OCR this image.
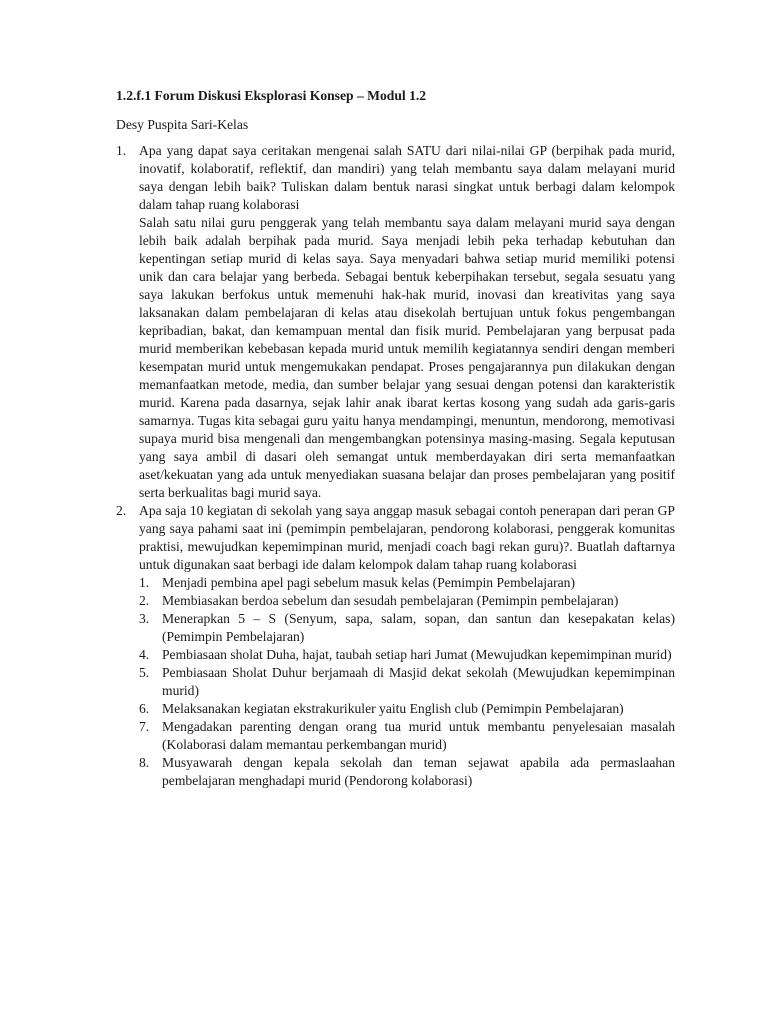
1.2.f.1 Forum Diskusi Eksplorasi Konsep – Modul 1.2

Desy Puspita Sari-Kelas

1. Apa yang dapat saya ceritakan mengenai salah SATU dari nilai-nilai GP (berpihak pada murid, inovatif, kolaboratif, reflektif, dan mandiri) yang telah membantu saya dalam melayani murid saya dengan lebih baik? Tuliskan dalam bentuk narasi singkat untuk berbagi dalam kelompok dalam tahap ruang kolaborasi
Salah satu nilai guru penggerak yang telah membantu saya dalam melayani murid saya dengan lebih baik adalah berpihak pada murid. Saya menjadi lebih peka terhadap kebutuhan dan kepentingan setiap murid di kelas saya. Saya menyadari bahwa setiap murid memiliki potensi unik dan cara belajar yang berbeda. Sebagai bentuk keberpihakan tersebut, segala sesuatu yang saya lakukan berfokus untuk memenuhi hak-hak murid, inovasi dan kreativitas yang saya laksanakan dalam pembelajaran di kelas atau disekolah bertujuan untuk fokus pengembangan kepribadian, bakat, dan kemampuan mental dan fisik murid. Pembelajaran yang berpusat pada murid memberikan kebebasan kepada murid untuk memilih kegiatannya sendiri dengan memberi kesempatan murid untuk mengemukakan pendapat. Proses pengajarannya pun dilakukan dengan memanfaatkan metode, media, dan sumber belajar yang sesuai dengan potensi dan karakteristik murid. Karena pada dasarnya, sejak lahir anak ibarat kertas kosong yang sudah ada garis-garis samarnya. Tugas kita sebagai guru yaitu hanya mendampingi, menuntun, mendorong, memotivasi supaya murid bisa mengenali dan mengembangkan potensinya masing-masing. Segala keputusan yang saya ambil di dasari oleh semangat untuk memberdayakan diri serta memanfaatkan aset/kekuatan yang ada untuk menyediakan suasana belajar dan proses pembelajaran yang positif serta berkualitas bagi murid saya.
2. Apa saja 10 kegiatan di sekolah yang saya anggap masuk sebagai contoh penerapan dari peran GP yang saya pahami saat ini (pemimpin pembelajaran, pendorong kolaborasi, penggerak komunitas praktisi, mewujudkan kepemimpinan murid, menjadi coach bagi rekan guru)?. Buatlah daftarnya untuk digunakan saat berbagi ide dalam kelompok dalam tahap ruang kolaborasi
1. Menjadi pembina apel pagi sebelum masuk kelas (Pemimpin Pembelajaran)
2. Membiasakan berdoa sebelum dan sesudah pembelajaran (Pemimpin pembelajaran)
3. Menerapkan 5 – S (Senyum, sapa, salam, sopan, dan santun dan kesepakatan kelas) (Pemimpin Pembelajaran)
4. Pembiasaan sholat Duha, hajat, taubah setiap hari Jumat (Mewujudkan kepemimpinan murid)
5. Pembiasaan Sholat Duhur berjamaah di Masjid dekat sekolah (Mewujudkan kepemimpinan murid)
6. Melaksanakan kegiatan ekstrakurikuler yaitu English club (Pemimpin Pembelajaran)
7. Mengadakan parenting dengan orang tua murid untuk membantu penyelesaian masalah (Kolaborasi dalam memantau perkembangan murid)
8. Musyawarah dengan kepala sekolah dan teman sejawat apabila ada permaslaahan pembelajaran menghadapi murid (Pendorong kolaborasi)
